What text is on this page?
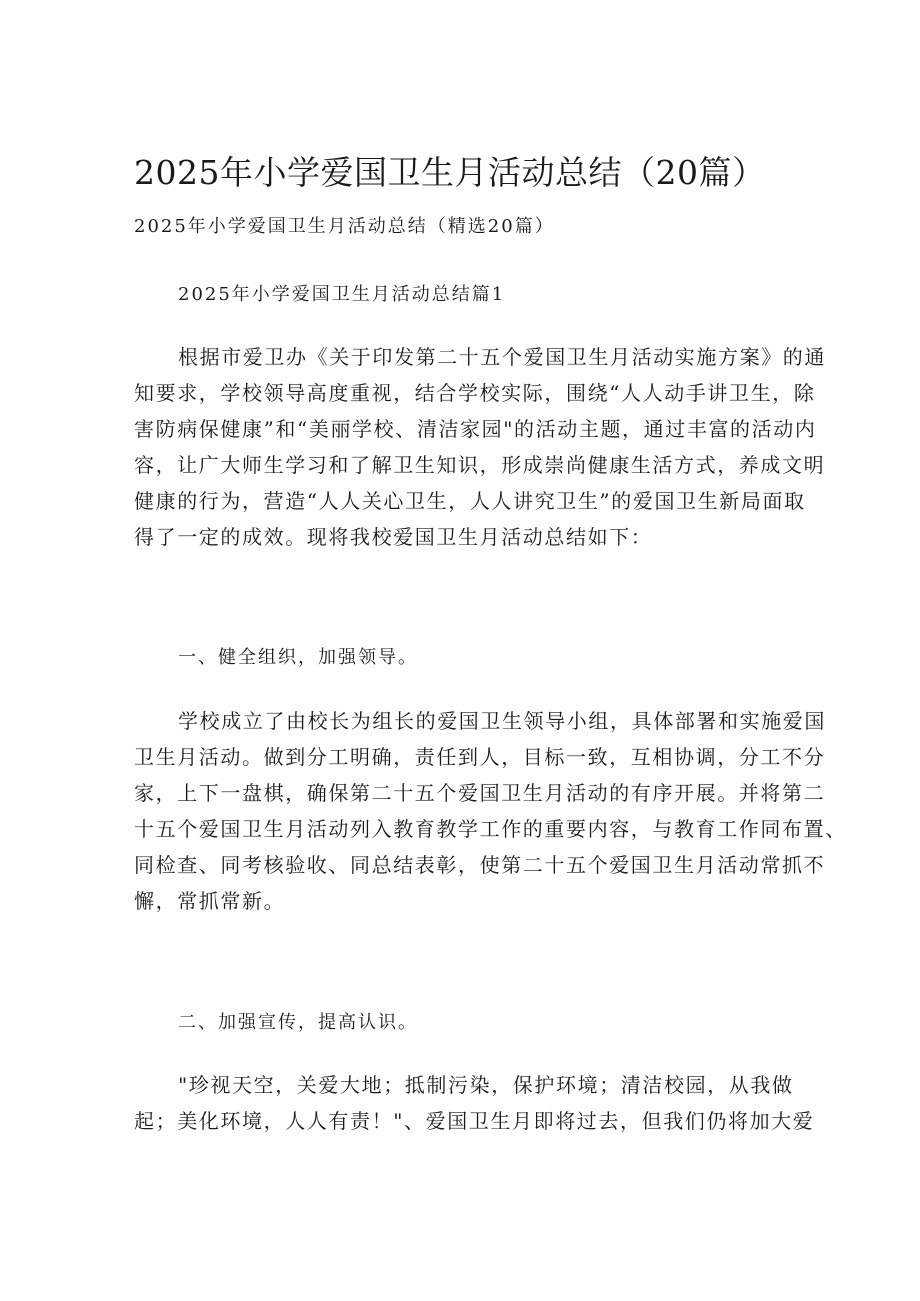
2025年小学爱国卫生月活动总结（20篇）
2025年小学爱国卫生月活动总结（精选20篇）
2025年小学爱国卫生月活动总结篇1
根据市爱卫办《关于印发第二十五个爱国卫生月活动实施方案》的通
知要求，学校领导高度重视，结合学校实际，围绕“人人动手讲卫生，除
害防病保健康”和“美丽学校、清洁家园"的活动主题，通过丰富的活动内
容，让广大师生学习和了解卫生知识，形成崇尚健康生活方式，养成文明
健康的行为，营造“人人关心卫生，人人讲究卫生”的爱国卫生新局面取
得了一定的成效。现将我校爱国卫生月活动总结如下：
一、健全组织，加强领导。
学校成立了由校长为组长的爱国卫生领导小组，具体部署和实施爱国
卫生月活动。做到分工明确，责任到人，目标一致，互相协调，分工不分
家，上下一盘棋，确保第二十五个爱国卫生月活动的有序开展。并将第二
十五个爱国卫生月活动列入教育教学工作的重要内容，与教育工作同布置、
同检查、同考核验收、同总结表彰，使第二十五个爱国卫生月活动常抓不
懈，常抓常新。
二、加强宣传，提高认识。
"珍视天空，关爱大地；抵制污染，保护环境；清洁校园，从我做
起；美化环境，人人有责！"、爱国卫生月即将过去，但我们仍将加大爱
